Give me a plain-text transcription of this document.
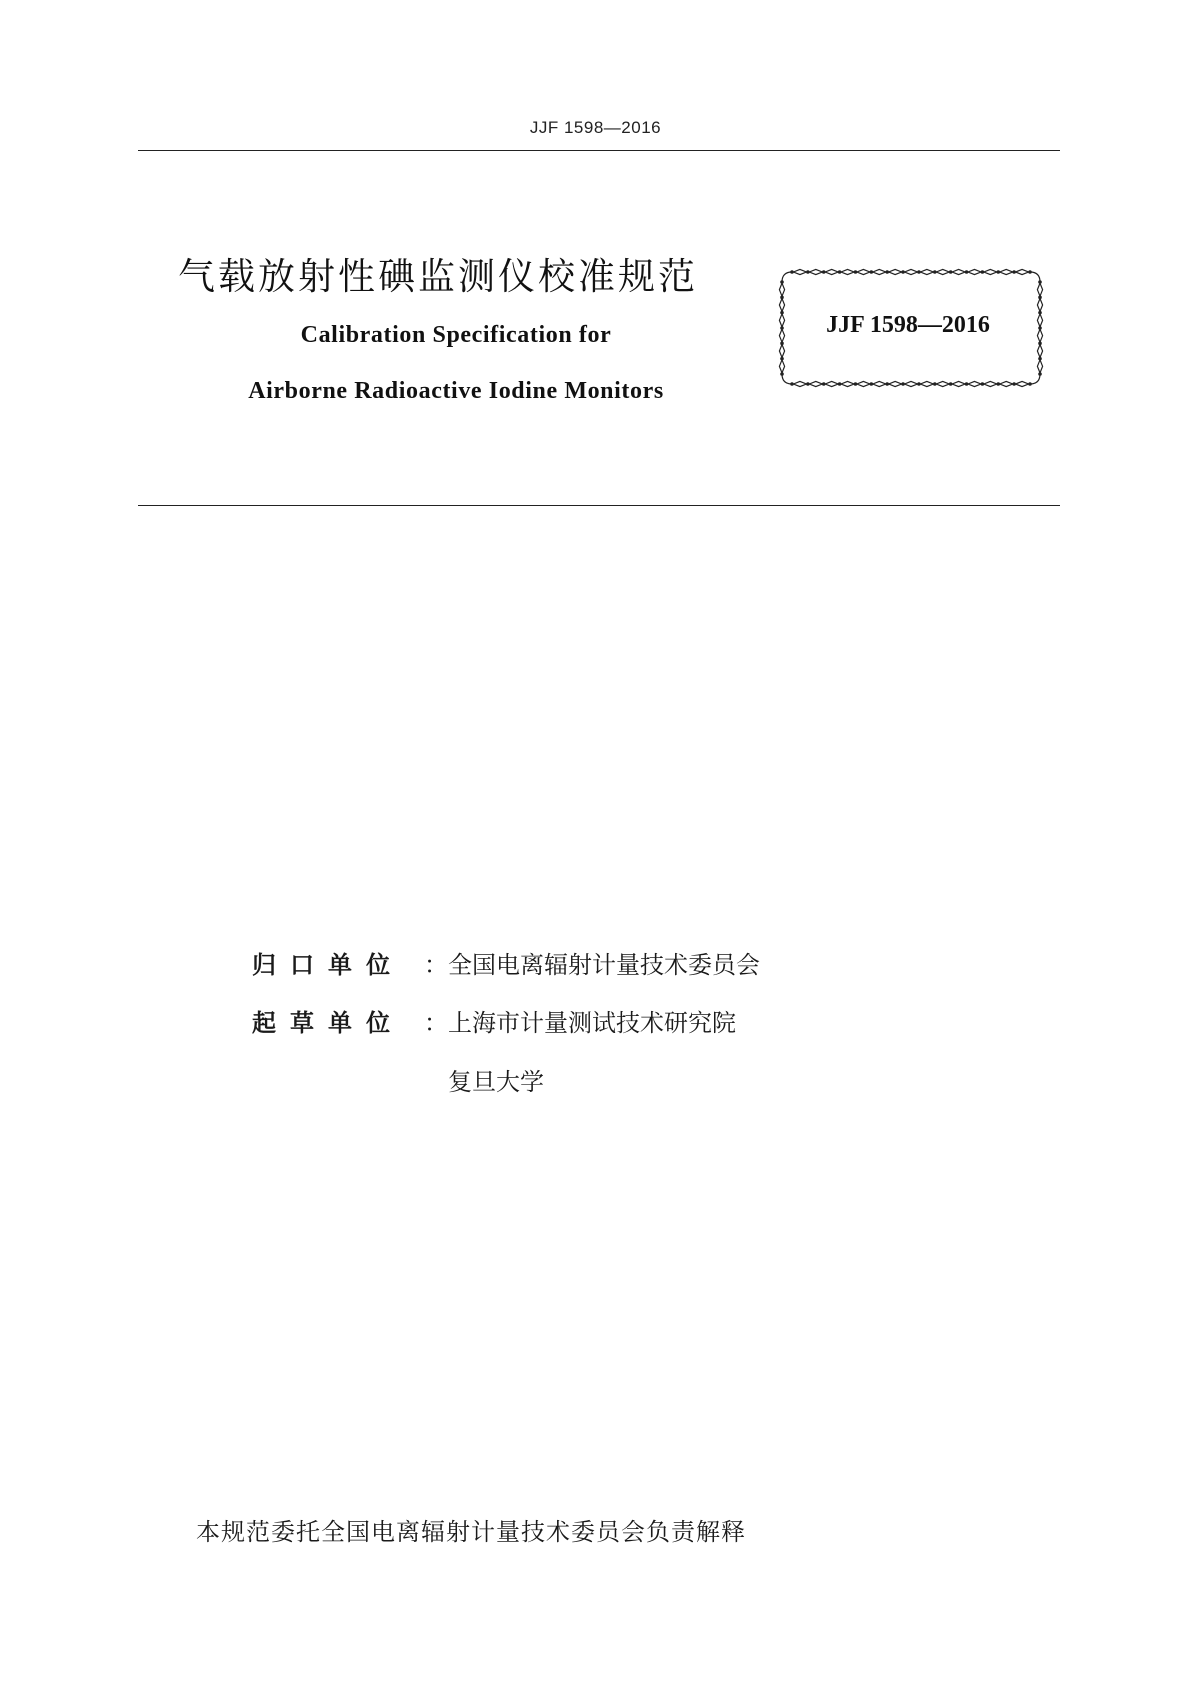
JJF 1598—2016
气载放射性碘监测仪校准规范
Calibration Specification for
Airborne Radioactive Iodine Monitors
JJF 1598—2016
归口单位 ：全国电离辐射计量技术委员会
起草单位 ：上海市计量测试技术研究院
复旦大学
本规范委托全国电离辐射计量技术委员会负责解释
